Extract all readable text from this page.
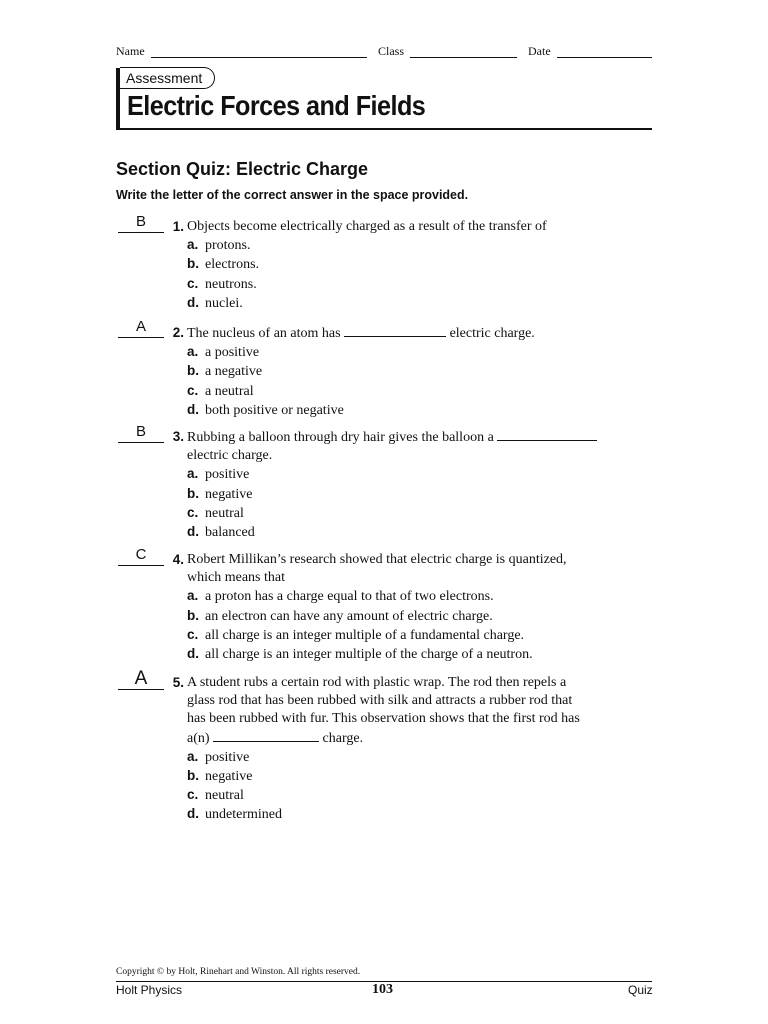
Name	Class	Date
Assessment
Electric Forces and Fields
Section Quiz: Electric Charge
Write the letter of the correct answer in the space provided.
B	1. Objects become electrically charged as a result of the transfer of
a. protons.
b. electrons.
c. neutrons.
d. nuclei.
A	2. The nucleus of an atom has	electric charge.
a. a positive
b. a negative
c. a neutral
d. both positive or negative
B	3. Rubbing a balloon through dry hair gives the balloon a
electric charge.
a. positive
b. negative
c. neutral
d. balanced
C	4. Robert Millikan’s research showed that electric charge is quantized,
which means that
a. a proton has a charge equal to that of two electrons.
b. an electron can have any amount of electric charge.
c. all charge is an integer multiple of a fundamental charge.
d. all charge is an integer multiple of the charge of a neutron.
A	5. A student rubs a certain rod with plastic wrap. The rod then repels a
glass rod that has been rubbed with silk and attracts a rubber rod that
has been rubbed with fur. This observation shows that the first rod has
a(n)	charge.
a. positive
b. negative
c. neutral
d. undetermined
Copyright © by Holt, Rinehart and Winston. All rights reserved.
Holt Physics	103	Quiz
